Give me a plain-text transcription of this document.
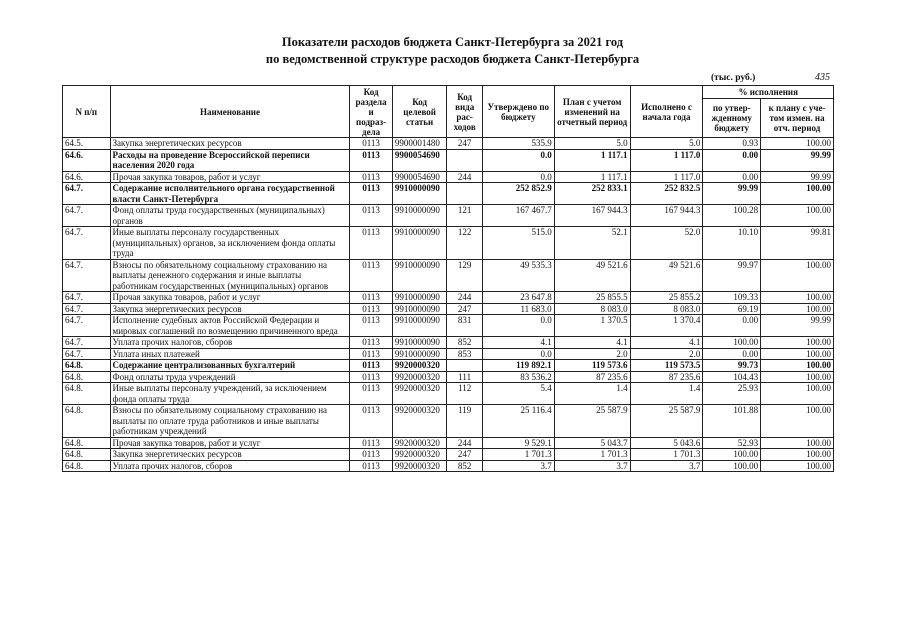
Показатели расходов бюджета Санкт-Петербурга за 2021 год
по ведомственной структуре расходов бюджета Санкт-Петербурга
(тыс. руб.)	435
N п/п	Наименование	Код раздела и подраз-дела	Код целевой статьи	Код вида рас-ходов	Утверждено по бюджету	План с учетом изменений на отчетный период	Исполнено с начала года	% исполнения	
								по утвер-жденному бюджету	к плану с уче-том измен. на отч. период
64.5.	Закупка энергетических ресурсов	0113	9900001480	247	535.9	5.0	5.0	0.93	100.00
64.6.	Расходы на проведение Всероссийской переписи населения 2020 года	0113	9900054690		0.0	1 117.1	1 117.0	0.00	99.99
64.6.	Прочая закупка товаров, работ и услуг	0113	9900054690	244	0.0	1 117.1	1 117.0	0.00	99.99
64.7.	Содержание исполнительного органа государственной власти Санкт-Петербурга	0113	9910000090		252 852.9	252 833.1	252 832.5	99.99	100.00
64.7.	Фонд оплаты труда государственных (муниципальных) органов	0113	9910000090	121	167 467.7	167 944.3	167 944.3	100.28	100.00
64.7.	Иные выплаты персоналу государственных (муниципальных) органов, за исключением фонда оплаты труда	0113	9910000090	122	515.0	52.1	52.0	10.10	99.81
64.7.	Взносы по обязательному социальному страхованию на выплаты денежного содержания и иные выплаты работникам государственных (муниципальных) органов	0113	9910000090	129	49 535.3	49 521.6	49 521.6	99.97	100.00
64.7.	Прочая закупка товаров, работ и услуг	0113	9910000090	244	23 647.8	25 855.5	25 855.2	109.33	100.00
64.7.	Закупка энергетических ресурсов	0113	9910000090	247	11 683.0	8 083.0	8 083.0	69.19	100.00
64.7.	Исполнение судебных актов Российской Федерации и мировых соглашений по возмещению причиненного вреда	0113	9910000090	831	0.0	1 370.5	1 370.4	0.00	99.99
64.7.	Уплата прочих налогов, сборов	0113	9910000090	852	4.1	4.1	4.1	100.00	100.00
64.7.	Уплата иных платежей	0113	9910000090	853	0.0	2.0	2.0	0.00	100.00
64.8.	Содержание централизованных бухгалтерий	0113	9920000320		119 892.1	119 573.6	119 573.5	99.73	100.00
64.8.	Фонд оплаты труда учреждений	0113	9920000320	111	83 536.2	87 235.6	87 235.6	104.43	100.00
64.8.	Иные выплаты персоналу учреждений, за исключением фонда оплаты труда	0113	9920000320	112	5.4	1.4	1.4	25.93	100.00
64.8.	Взносы по обязательному социальному страхованию на выплаты по оплате труда работников и иные выплаты работникам учреждений	0113	9920000320	119	25 116.4	25 587.9	25 587.9	101.88	100.00
64.8.	Прочая закупка товаров, работ и услуг	0113	9920000320	244	9 529.1	5 043.7	5 043.6	52.93	100.00
64.8.	Закупка энергетических ресурсов	0113	9920000320	247	1 701.3	1 701.3	1 701.3	100.00	100.00
64.8.	Уплата прочих налогов, сборов	0113	9920000320	852	3.7	3.7	3.7	100.00	100.00
